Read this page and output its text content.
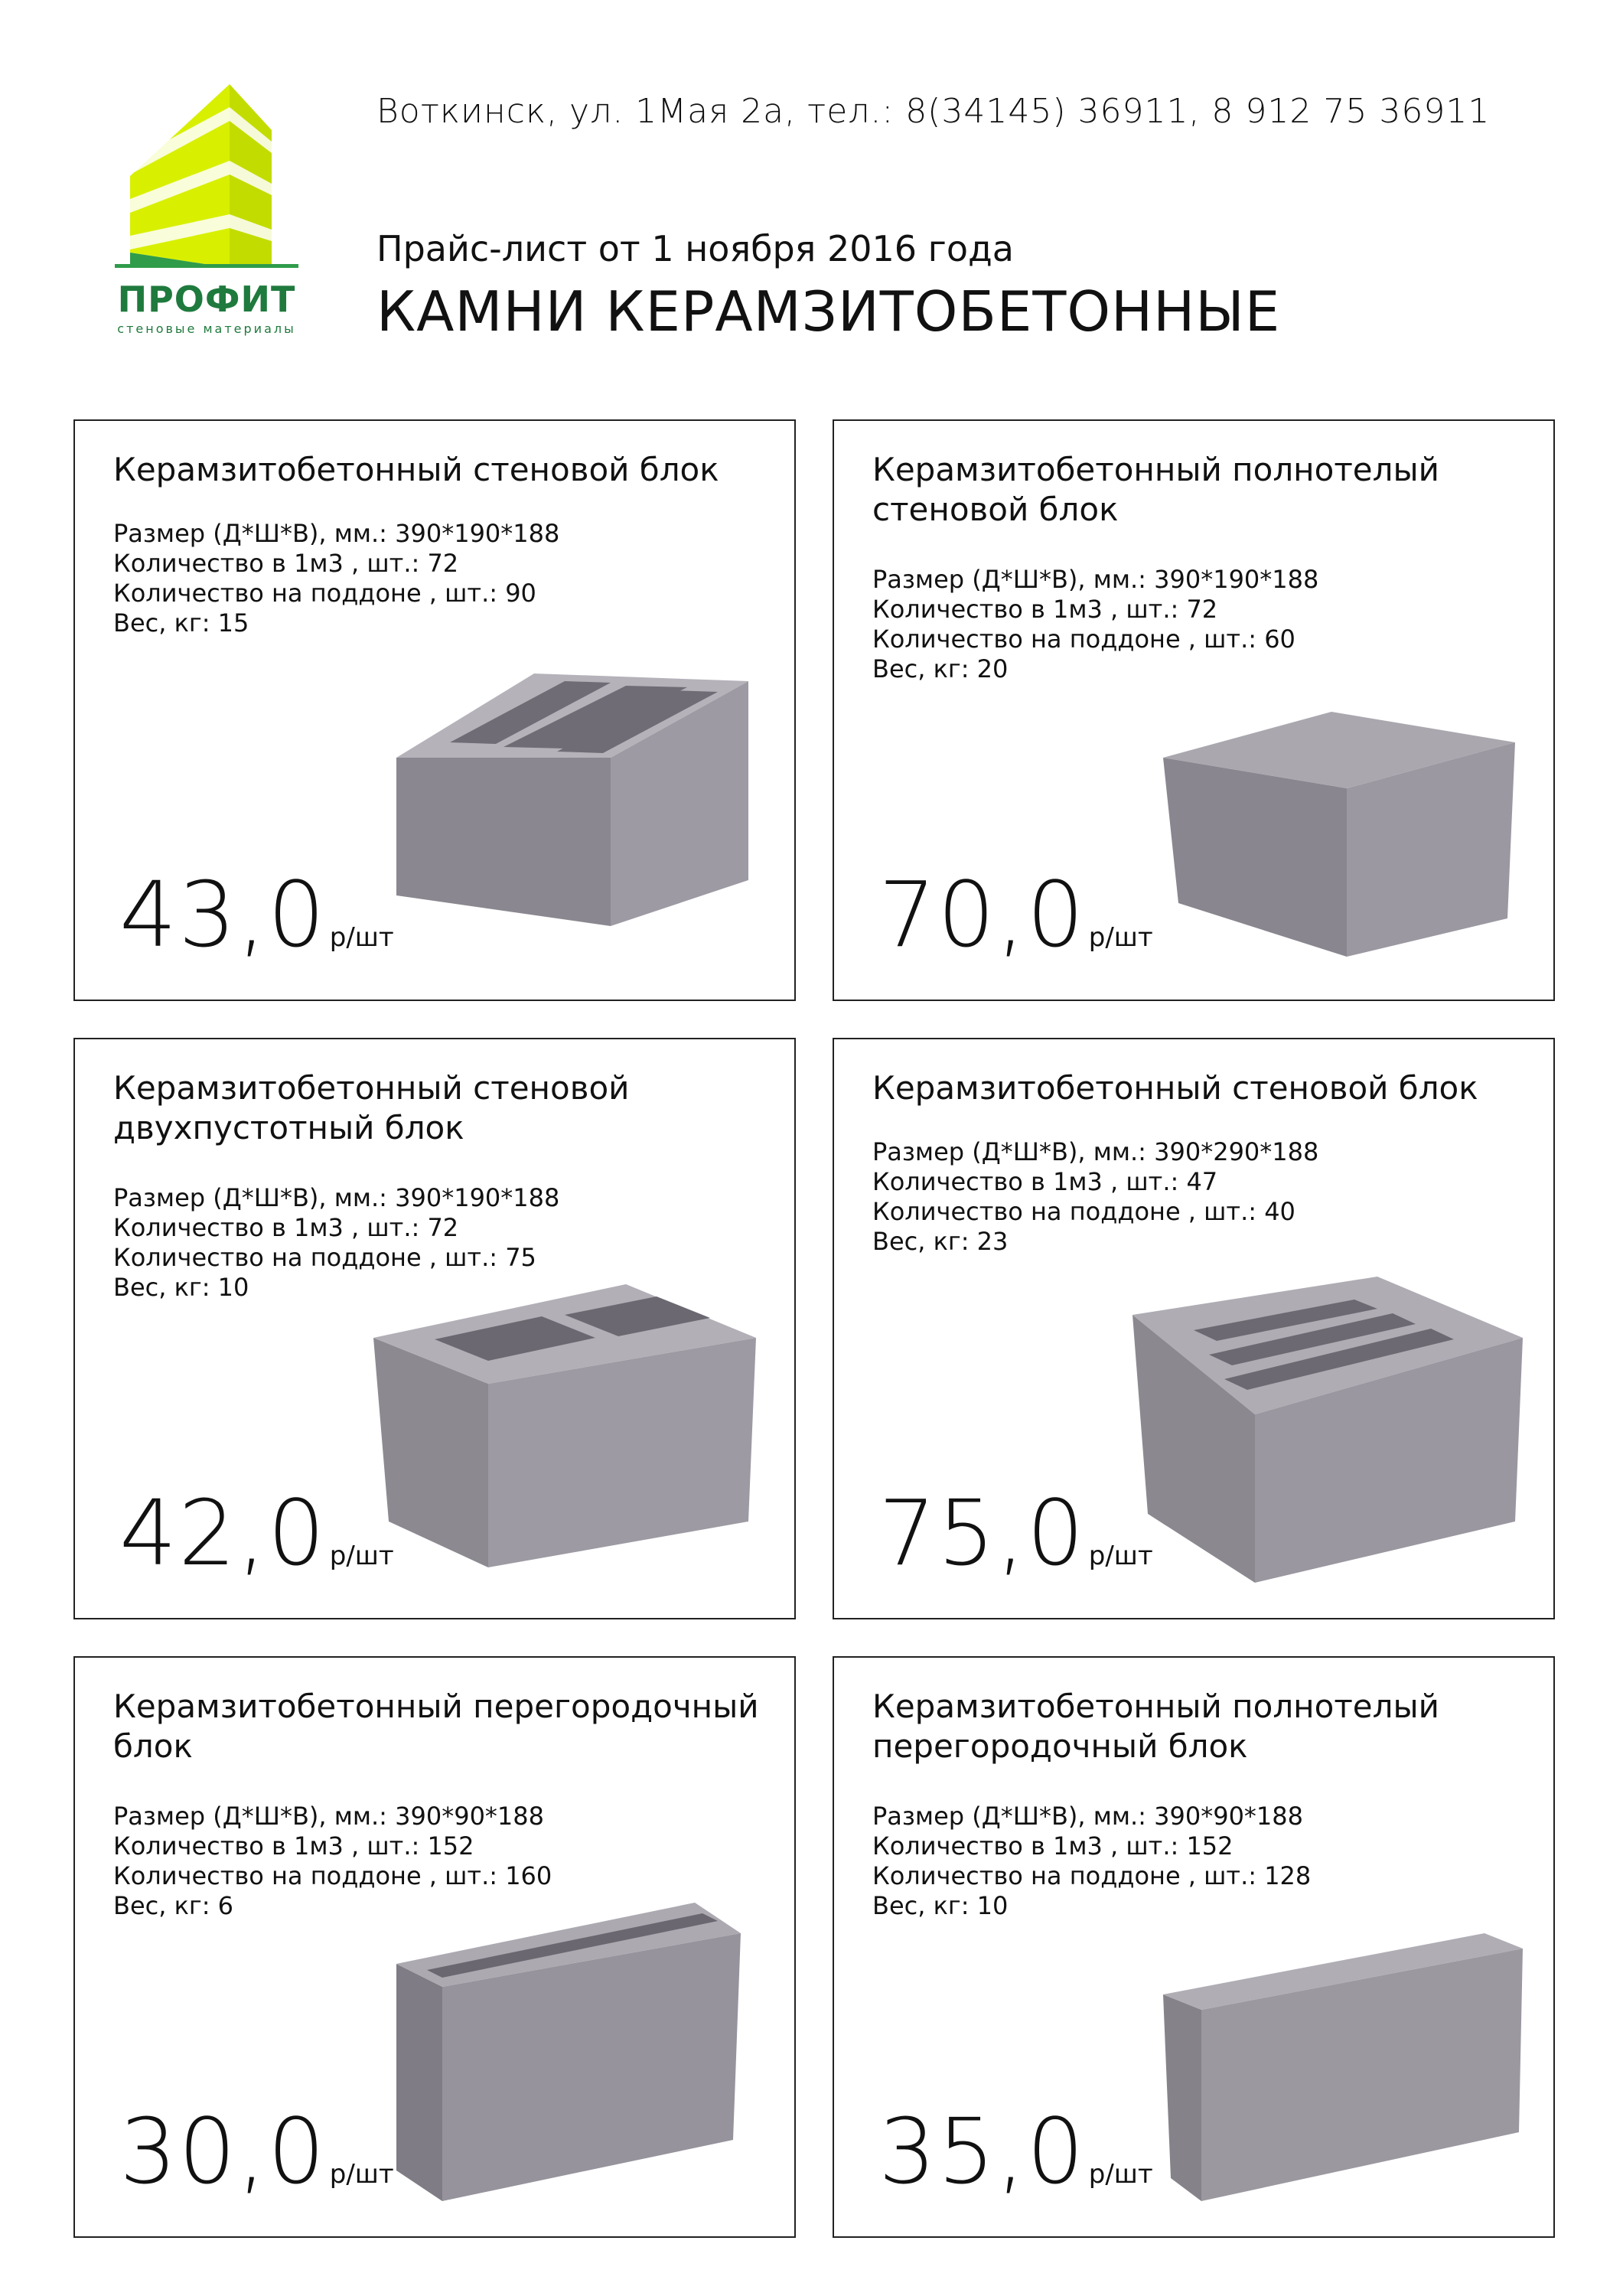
ПРОФИТ
стеновые материалы
Воткинск, ул. 1Мая 2а, тел.: 8(34145) 36911, 8 912 75 36911
Прайс-лист от 1 ноября 2016 года
КАМНИ КЕРАМЗИТОБЕТОННЫЕ
Керамзитобетонный стеновой блок
Размер (Д*Ш*В), мм.: 390*190*188
Количество в 1м3 , шт.: 72
Количество на поддоне , шт.: 90
Вес, кг: 15
43,0 р/шт
Керамзитобетонный полнотелый стеновой блок
Размер (Д*Ш*В), мм.: 390*190*188
Количество в 1м3 , шт.: 72
Количество на поддоне , шт.: 60
Вес, кг: 20
70,0 р/шт
Керамзитобетонный стеновой двухпустотный блок
Размер (Д*Ш*В), мм.: 390*190*188
Количество в 1м3 , шт.: 72
Количество на поддоне , шт.: 75
Вес, кг: 10
42,0 р/шт
Керамзитобетонный стеновой блок
Размер (Д*Ш*В), мм.: 390*290*188
Количество в 1м3 , шт.: 47
Количество на поддоне , шт.: 40
Вес, кг: 23
75,0 р/шт
Керамзитобетонный перегородочный блок
Размер (Д*Ш*В), мм.: 390*90*188
Количество в 1м3 , шт.: 152
Количество на поддоне , шт.: 160
Вес, кг: 6
30,0 р/шт
Керамзитобетонный полнотелый перегородочный блок
Размер (Д*Ш*В), мм.: 390*90*188
Количество в 1м3 , шт.: 152
Количество на поддоне , шт.: 128
Вес, кг: 10
35,0 р/шт
